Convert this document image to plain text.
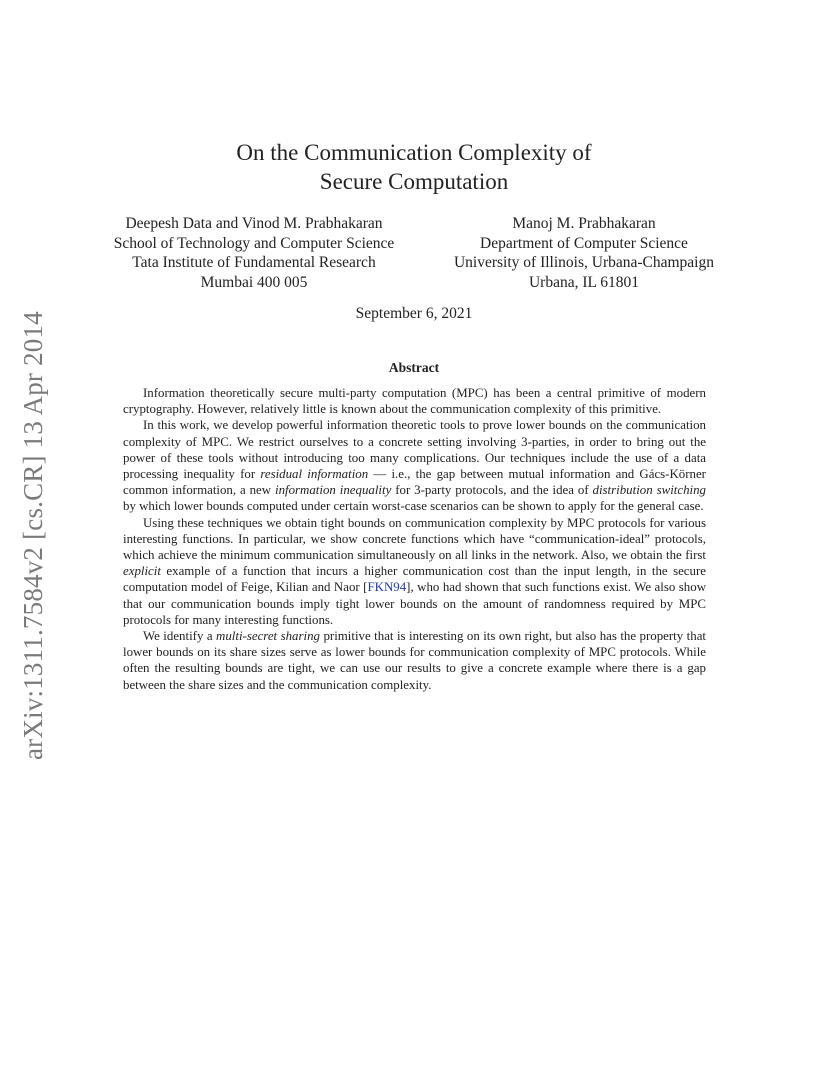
arXiv:1311.7584v2 [cs.CR] 13 Apr 2014
On the Communication Complexity of
Secure Computation
Deepesh Data and Vinod M. Prabhakaran
School of Technology and Computer Science
Tata Institute of Fundamental Research
Mumbai 400 005
Manoj M. Prabhakaran
Department of Computer Science
University of Illinois, Urbana-Champaign
Urbana, IL 61801
September 6, 2021
Abstract

Information theoretically secure multi-party computation (MPC) has been a central primitive of modern cryptography. However, relatively little is known about the communication complexity of this primitive.

In this work, we develop powerful information theoretic tools to prove lower bounds on the communication complexity of MPC. We restrict ourselves to a concrete setting involving 3-parties, in order to bring out the power of these tools without introducing too many complications. Our techniques include the use of a data processing inequality for residual information — i.e., the gap between mutual information and Gács-Körner common information, a new information inequality for 3-party protocols, and the idea of distribution switching by which lower bounds computed under certain worst-case scenarios can be shown to apply for the general case.

Using these techniques we obtain tight bounds on communication complexity by MPC protocols for various interesting functions. In particular, we show concrete functions which have “communication-ideal” protocols, which achieve the minimum communication simultaneously on all links in the network. Also, we obtain the first explicit example of a function that incurs a higher communication cost than the input length, in the secure computation model of Feige, Kilian and Naor [FKN94], who had shown that such functions exist. We also show that our communication bounds imply tight lower bounds on the amount of randomness required by MPC protocols for many interesting functions.

We identify a multi-secret sharing primitive that is interesting on its own right, but also has the property that lower bounds on its share sizes serve as lower bounds for communication complexity of MPC protocols. While often the resulting bounds are tight, we can use our results to give a concrete example where there is a gap between the share sizes and the communication complexity.
